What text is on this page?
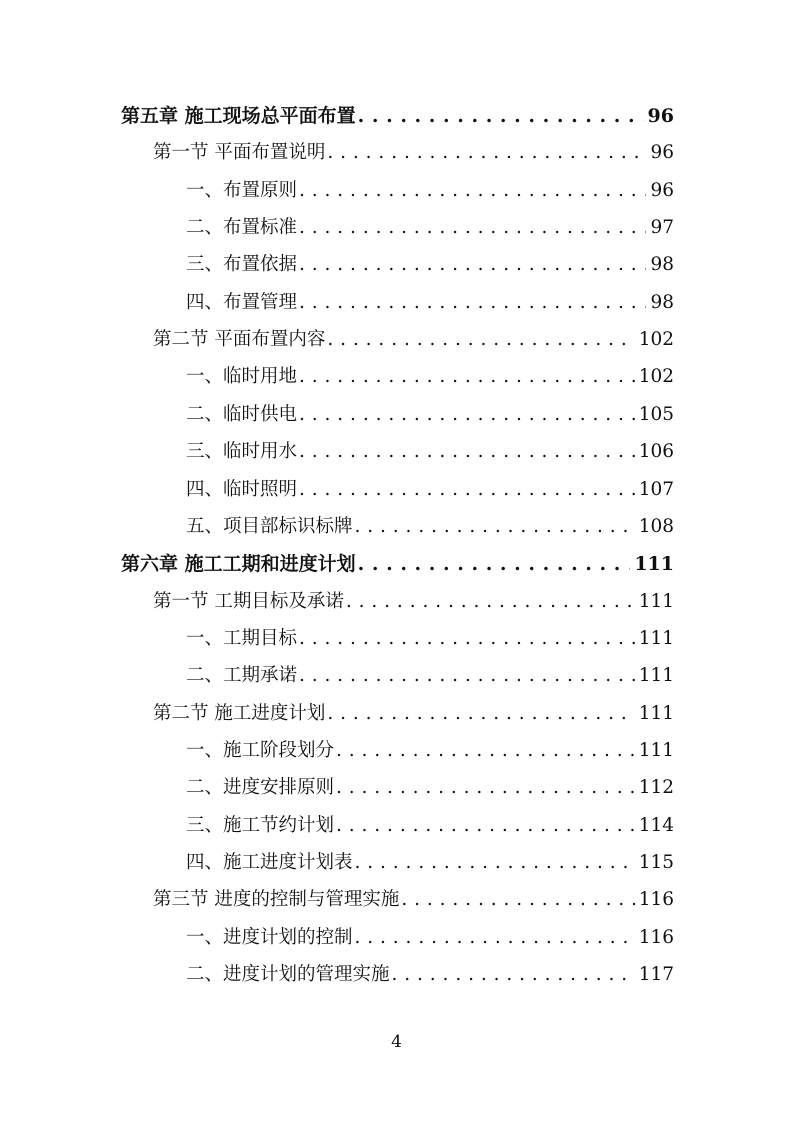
第五章 施工现场总平面布置 . . .	96
第一节 平面布置说明 . . .	96
一、布置原则 . . .	96
二、布置标准 . . .	97
三、布置依据 . . .	98
四、布置管理 . . .	98
第二节 平面布置内容 . . .	102
一、临时用地 . . .	102
二、临时供电 . . .	105
三、临时用水 . . .	106
四、临时照明 . . .	107
五、项目部标识标牌 . . .	108
第六章 施工工期和进度计划 . . .	111
第一节 工期目标及承诺 . . .	111
一、工期目标 . . .	111
二、工期承诺 . . .	111
第二节 施工进度计划 . . .	111
一、施工阶段划分 . . .	111
二、进度安排原则 . . .	112
三、施工节约计划 . . .	114
四、施工进度计划表 . . .	115
第三节 进度的控制与管理实施 . . .	116
一、进度计划的控制 . . .	116
二、进度计划的管理实施 . . .	117
4
